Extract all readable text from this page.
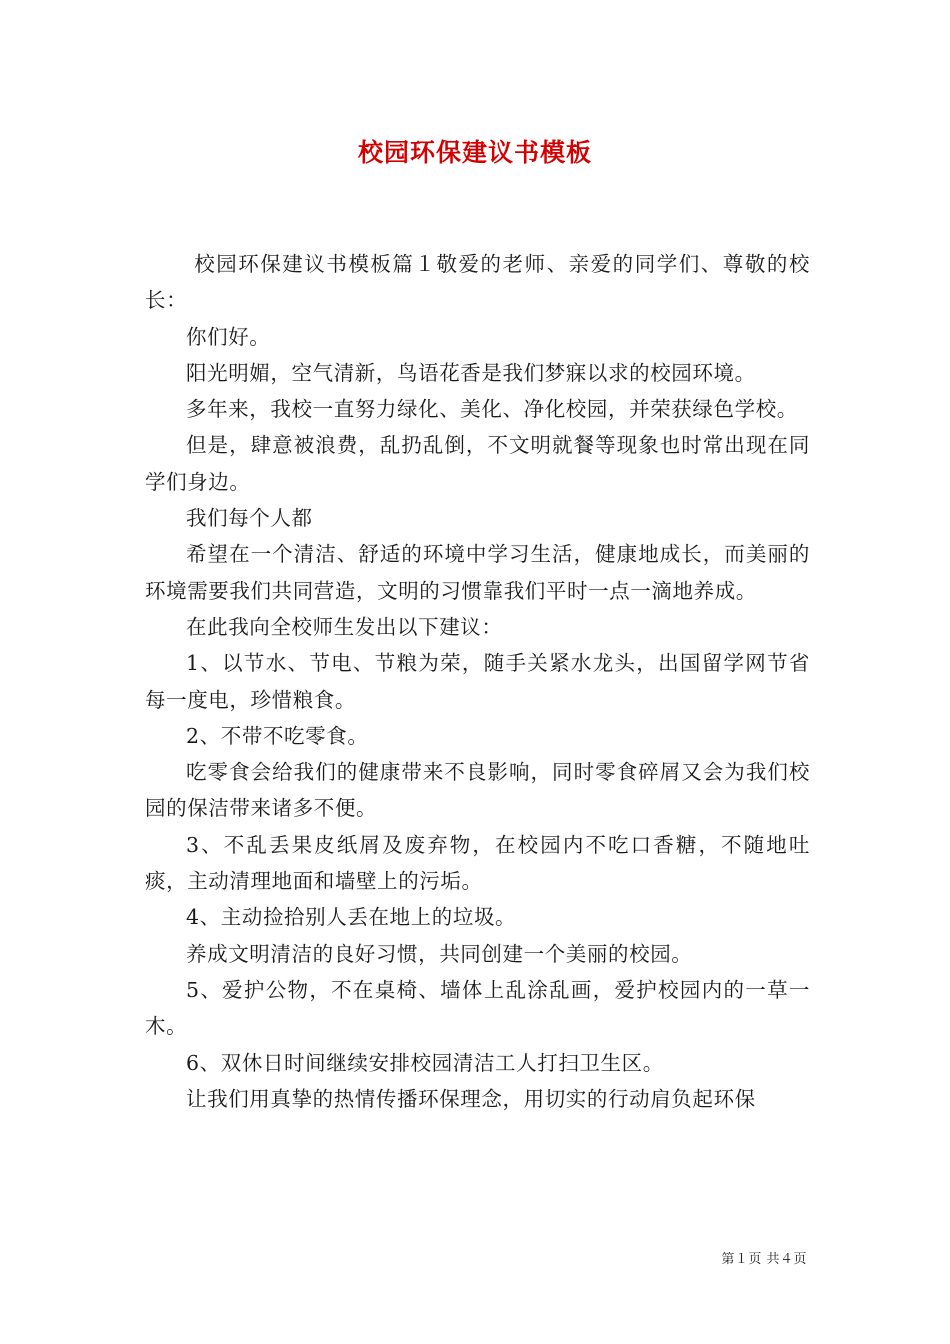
校园环保建议书模板

校园环保建议书模板篇１敬爱的老师、亲爱的同学们、尊敬的校长：

你们好。

阳光明媚，空气清新，鸟语花香是我们梦寐以求的校园环境。

多年来，我校一直努力绿化、美化、净化校园，并荣获绿色学校。

但是，肆意被浪费，乱扔乱倒，不文明就餐等现象也时常出现在同学们身边。

我们每个人都

希望在一个清洁、舒适的环境中学习生活，健康地成长，而美丽的环境需要我们共同营造，文明的习惯靠我们平时一点一滴地养成。

在此我向全校师生发出以下建议：

1、以节水、节电、节粮为荣，随手关紧水龙头，出国留学网节省每一度电，珍惜粮食。

2、不带不吃零食。

吃零食会给我们的健康带来不良影响，同时零食碎屑又会为我们校园的保洁带来诸多不便。

3、不乱丢果皮纸屑及废弃物，在校园内不吃口香糖，不随地吐痰，主动清理地面和墙壁上的污垢。

4、主动捡拾别人丢在地上的垃圾。

养成文明清洁的良好习惯，共同创建一个美丽的校园。

5、爱护公物，不在桌椅、墙体上乱涂乱画，爱护校园内的一草一木。

6、双休日时间继续安排校园清洁工人打扫卫生区。

让我们用真挚的热情传播环保理念，用切实的行动肩负起环保

第１页 共４页
